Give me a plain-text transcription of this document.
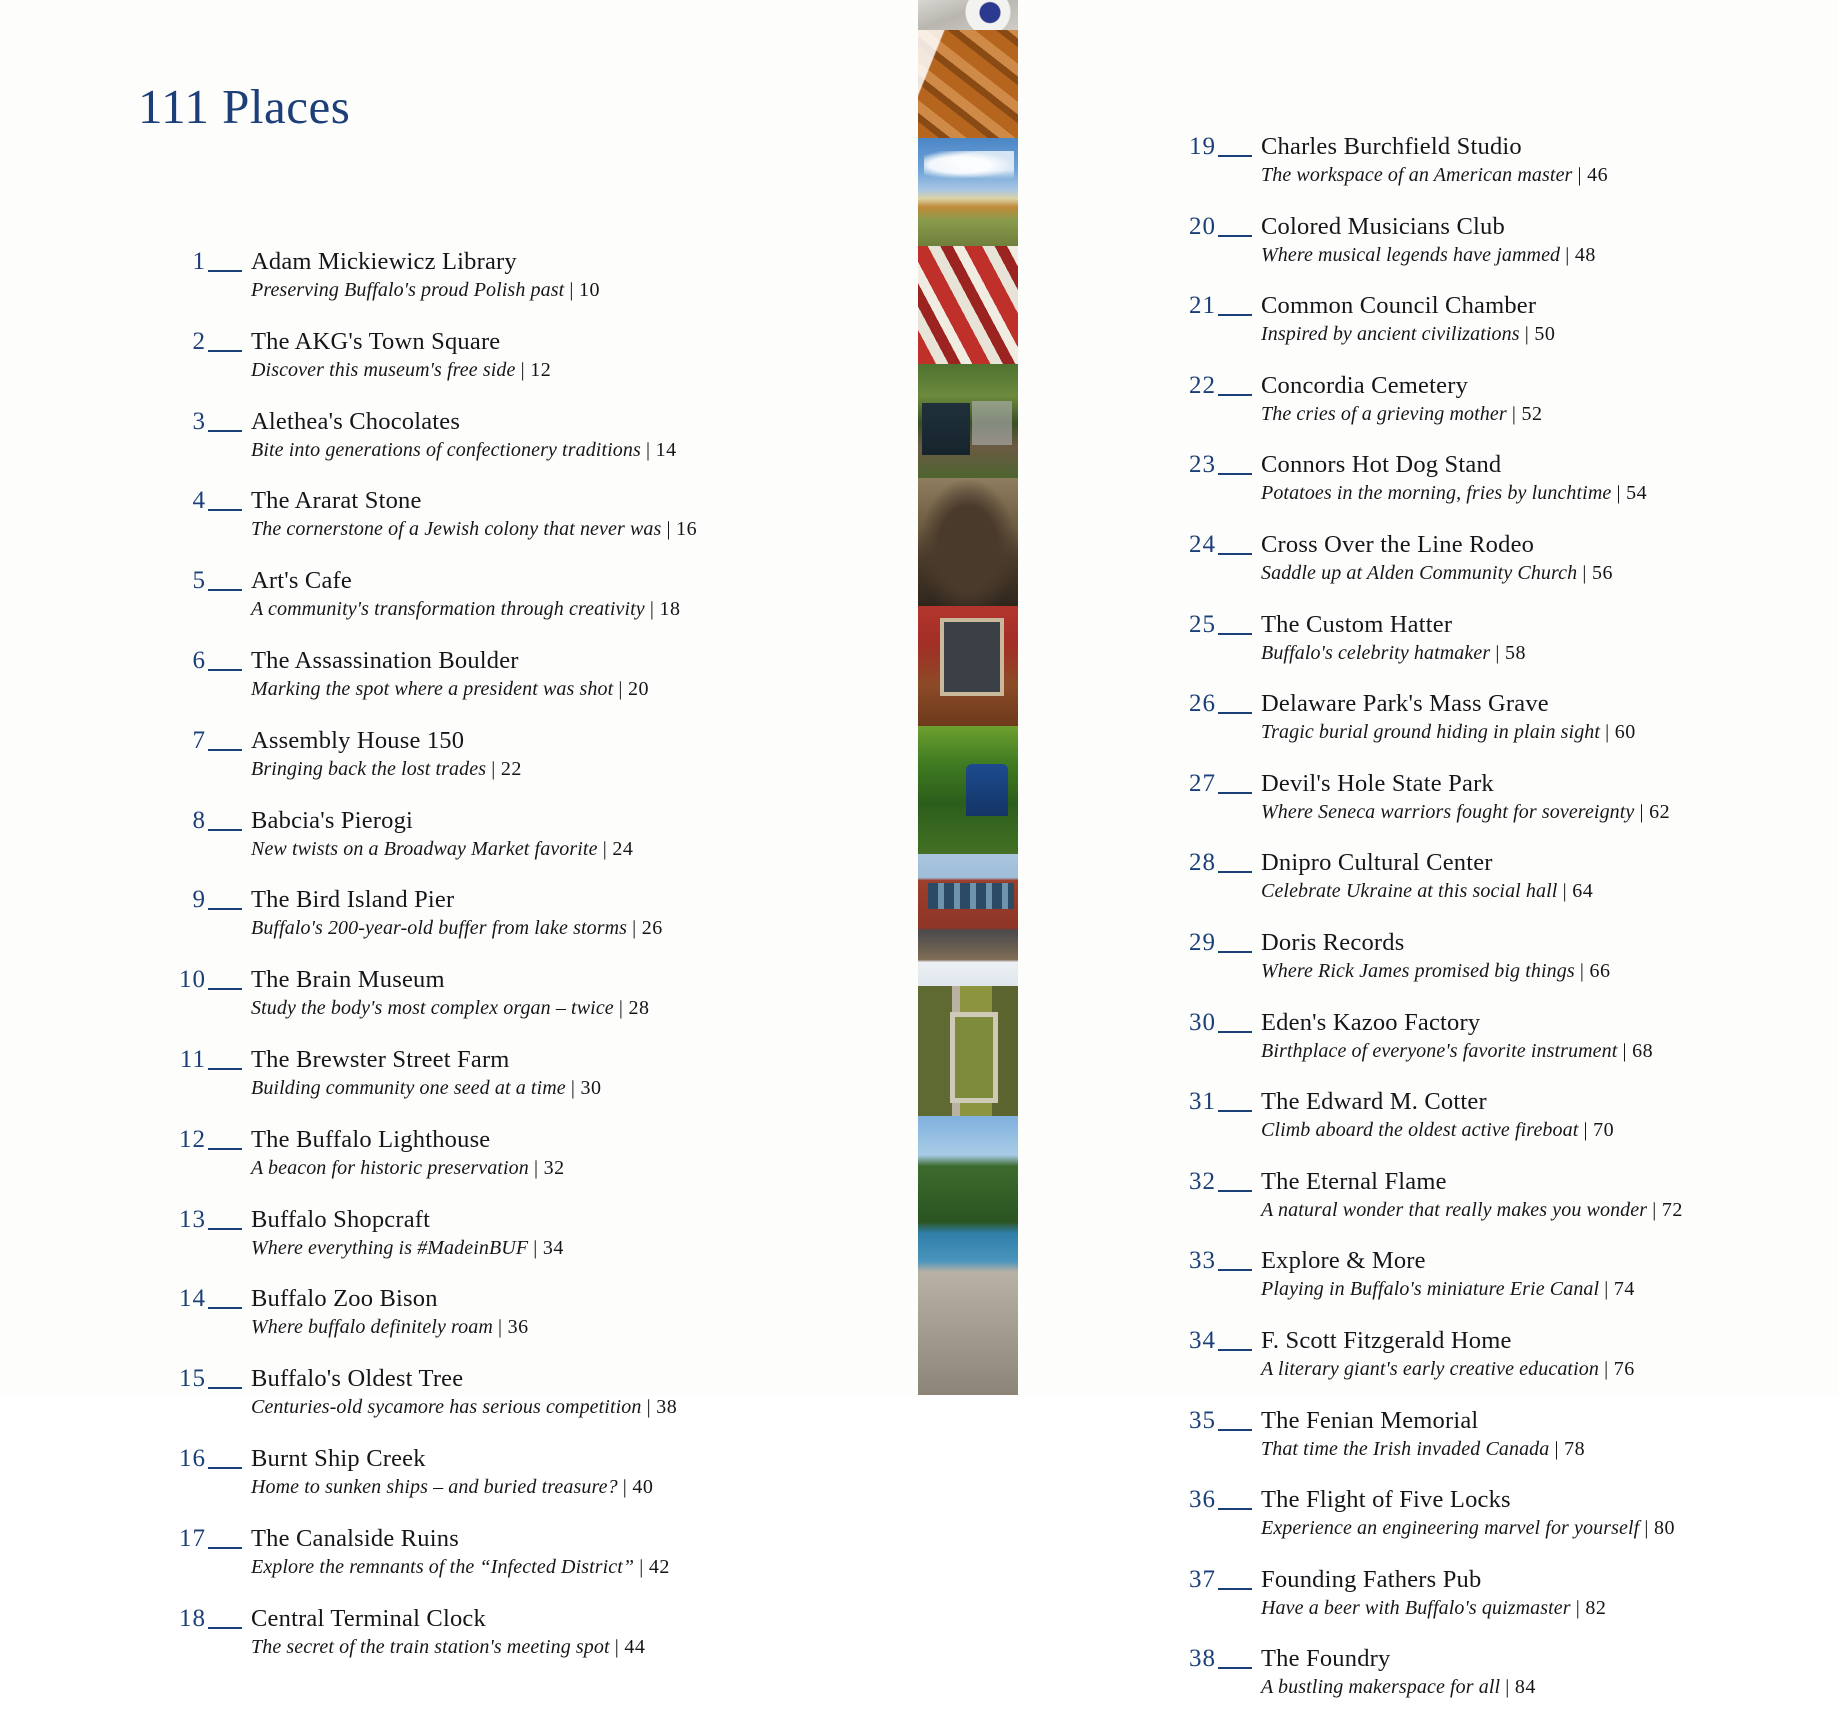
111 Places
1 Adam Mickiewicz Library
Preserving Buffalo's proud Polish past | 10
2 The AKG's Town Square
Discover this museum's free side | 12
3 Alethea's Chocolates
Bite into generations of confectionery traditions | 14
4 The Ararat Stone
The cornerstone of a Jewish colony that never was | 16
5 Art's Cafe
A community's transformation through creativity | 18
6 The Assassination Boulder
Marking the spot where a president was shot | 20
7 Assembly House 150
Bringing back the lost trades | 22
8 Babcia's Pierogi
New twists on a Broadway Market favorite | 24
9 The Bird Island Pier
Buffalo's 200-year-old buffer from lake storms | 26
10 The Brain Museum
Study the body's most complex organ – twice | 28
11 The Brewster Street Farm
Building community one seed at a time | 30
12 The Buffalo Lighthouse
A beacon for historic preservation | 32
13 Buffalo Shopcraft
Where everything is #MadeinBUF | 34
14 Buffalo Zoo Bison
Where buffalo definitely roam | 36
15 Buffalo's Oldest Tree
Centuries-old sycamore has serious competition | 38
16 Burnt Ship Creek
Home to sunken ships – and buried treasure? | 40
17 The Canalside Ruins
Explore the remnants of the “Infected District” | 42
18 Central Terminal Clock
The secret of the train station's meeting spot | 44
19 Charles Burchfield Studio
The workspace of an American master | 46
20 Colored Musicians Club
Where musical legends have jammed | 48
21 Common Council Chamber
Inspired by ancient civilizations | 50
22 Concordia Cemetery
The cries of a grieving mother | 52
23 Connors Hot Dog Stand
Potatoes in the morning, fries by lunchtime | 54
24 Cross Over the Line Rodeo
Saddle up at Alden Community Church | 56
25 The Custom Hatter
Buffalo's celebrity hatmaker | 58
26 Delaware Park's Mass Grave
Tragic burial ground hiding in plain sight | 60
27 Devil's Hole State Park
Where Seneca warriors fought for sovereignty | 62
28 Dnipro Cultural Center
Celebrate Ukraine at this social hall | 64
29 Doris Records
Where Rick James promised big things | 66
30 Eden's Kazoo Factory
Birthplace of everyone's favorite instrument | 68
31 The Edward M. Cotter
Climb aboard the oldest active fireboat | 70
32 The Eternal Flame
A natural wonder that really makes you wonder | 72
33 Explore & More
Playing in Buffalo's miniature Erie Canal | 74
34 F. Scott Fitzgerald Home
A literary giant's early creative education | 76
35 The Fenian Memorial
That time the Irish invaded Canada | 78
36 The Flight of Five Locks
Experience an engineering marvel for yourself | 80
37 Founding Fathers Pub
Have a beer with Buffalo's quizmaster | 82
38 The Foundry
A bustling makerspace for all | 84
